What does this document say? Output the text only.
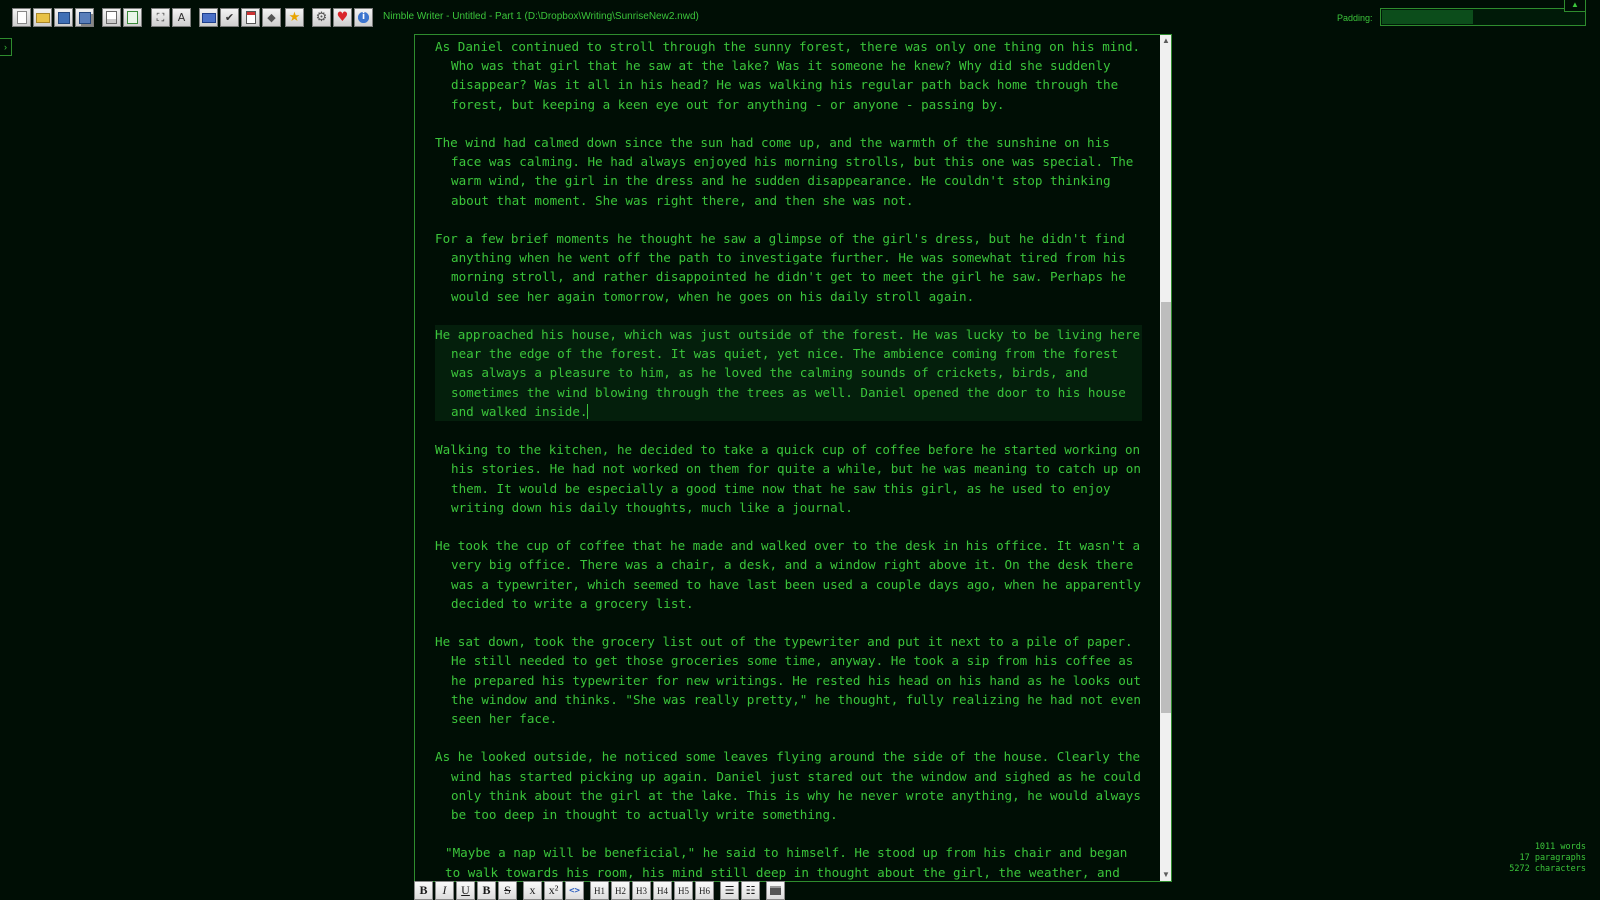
⛶ A	✔	◆ ★ ⚙ ♥	i	Nimble Writer - Untitled - Part 1 (D:\Dropbox\Writing\SunriseNew2.nwd)	Padding:
▲
›	As Daniel continued to stroll through the sunny forest, there was only one thing on his mind. Who was that girl that he saw at the lake? Was it someone he knew? Why did she suddenly disappear? Was it all in his head? He was walking his regular path back home through the forest, but keeping a keen eye out for anything - or anyone - passing by.
The wind had calmed down since the sun had come up, and the warmth of the sunshine on his face was calming. He had always enjoyed his morning strolls, but this one was special. The warm wind, the girl in the dress and he sudden disappearance. He couldn't stop thinking about that moment. She was right there, and then she was not.
For a few brief moments he thought he saw a glimpse of the girl's dress, but he didn't find anything when he went off the path to investigate further. He was somewhat tired from his morning stroll, and rather disappointed he didn't get to meet the girl he saw. Perhaps he would see her again tomorrow, when he goes on his daily stroll again.
He approached his house, which was just outside of the forest. He was lucky to be living here near the edge of the forest. It was quiet, yet nice. The ambience coming from the forest was always a pleasure to him, as he loved the calming sounds of crickets, birds, and sometimes the wind blowing through the trees as well. Daniel opened the door to his house and walked inside.
Walking to the kitchen, he decided to take a quick cup of coffee before he started working on his stories. He had not worked on them for quite a while, but he was meaning to catch up on them. It would be especially a good time now that he saw this girl, as he used to enjoy writing down his daily thoughts, much like a journal.
He took the cup of coffee that he made and walked over to the desk in his office. It wasn't a very big office. There was a chair, a desk, and a window right above it. On the desk there was a typewriter, which seemed to have last been used a couple days ago, when he apparently decided to write a grocery list.
He sat down, took the grocery list out of the typewriter and put it next to a pile of paper. He still needed to get those groceries some time, anyway. He took a sip from his coffee as he prepared his typewriter for new writings. He rested his head on his hand as he looks out the window and thinks. "She was really pretty," he thought, fully realizing he had not even seen her face.
As he looked outside, he noticed some leaves flying around the side of the house. Clearly the wind has started picking up again. Daniel just stared out the window and sighed as he could only think about the girl at the lake. This is why he never wrote anything, he would always be too deep in thought to actually write something.
"Maybe a nap will be beneficial," he said to himself. He stood up from his chair and began to walk towards his room, his mind still deep in thought about the girl, the weather, and
▲
▼
B	I	U	B	S	x	x²	<>	H1	H2	H3	H4	H5	H6	☰	☷
1011 words
17 paragraphs
5272 characters
